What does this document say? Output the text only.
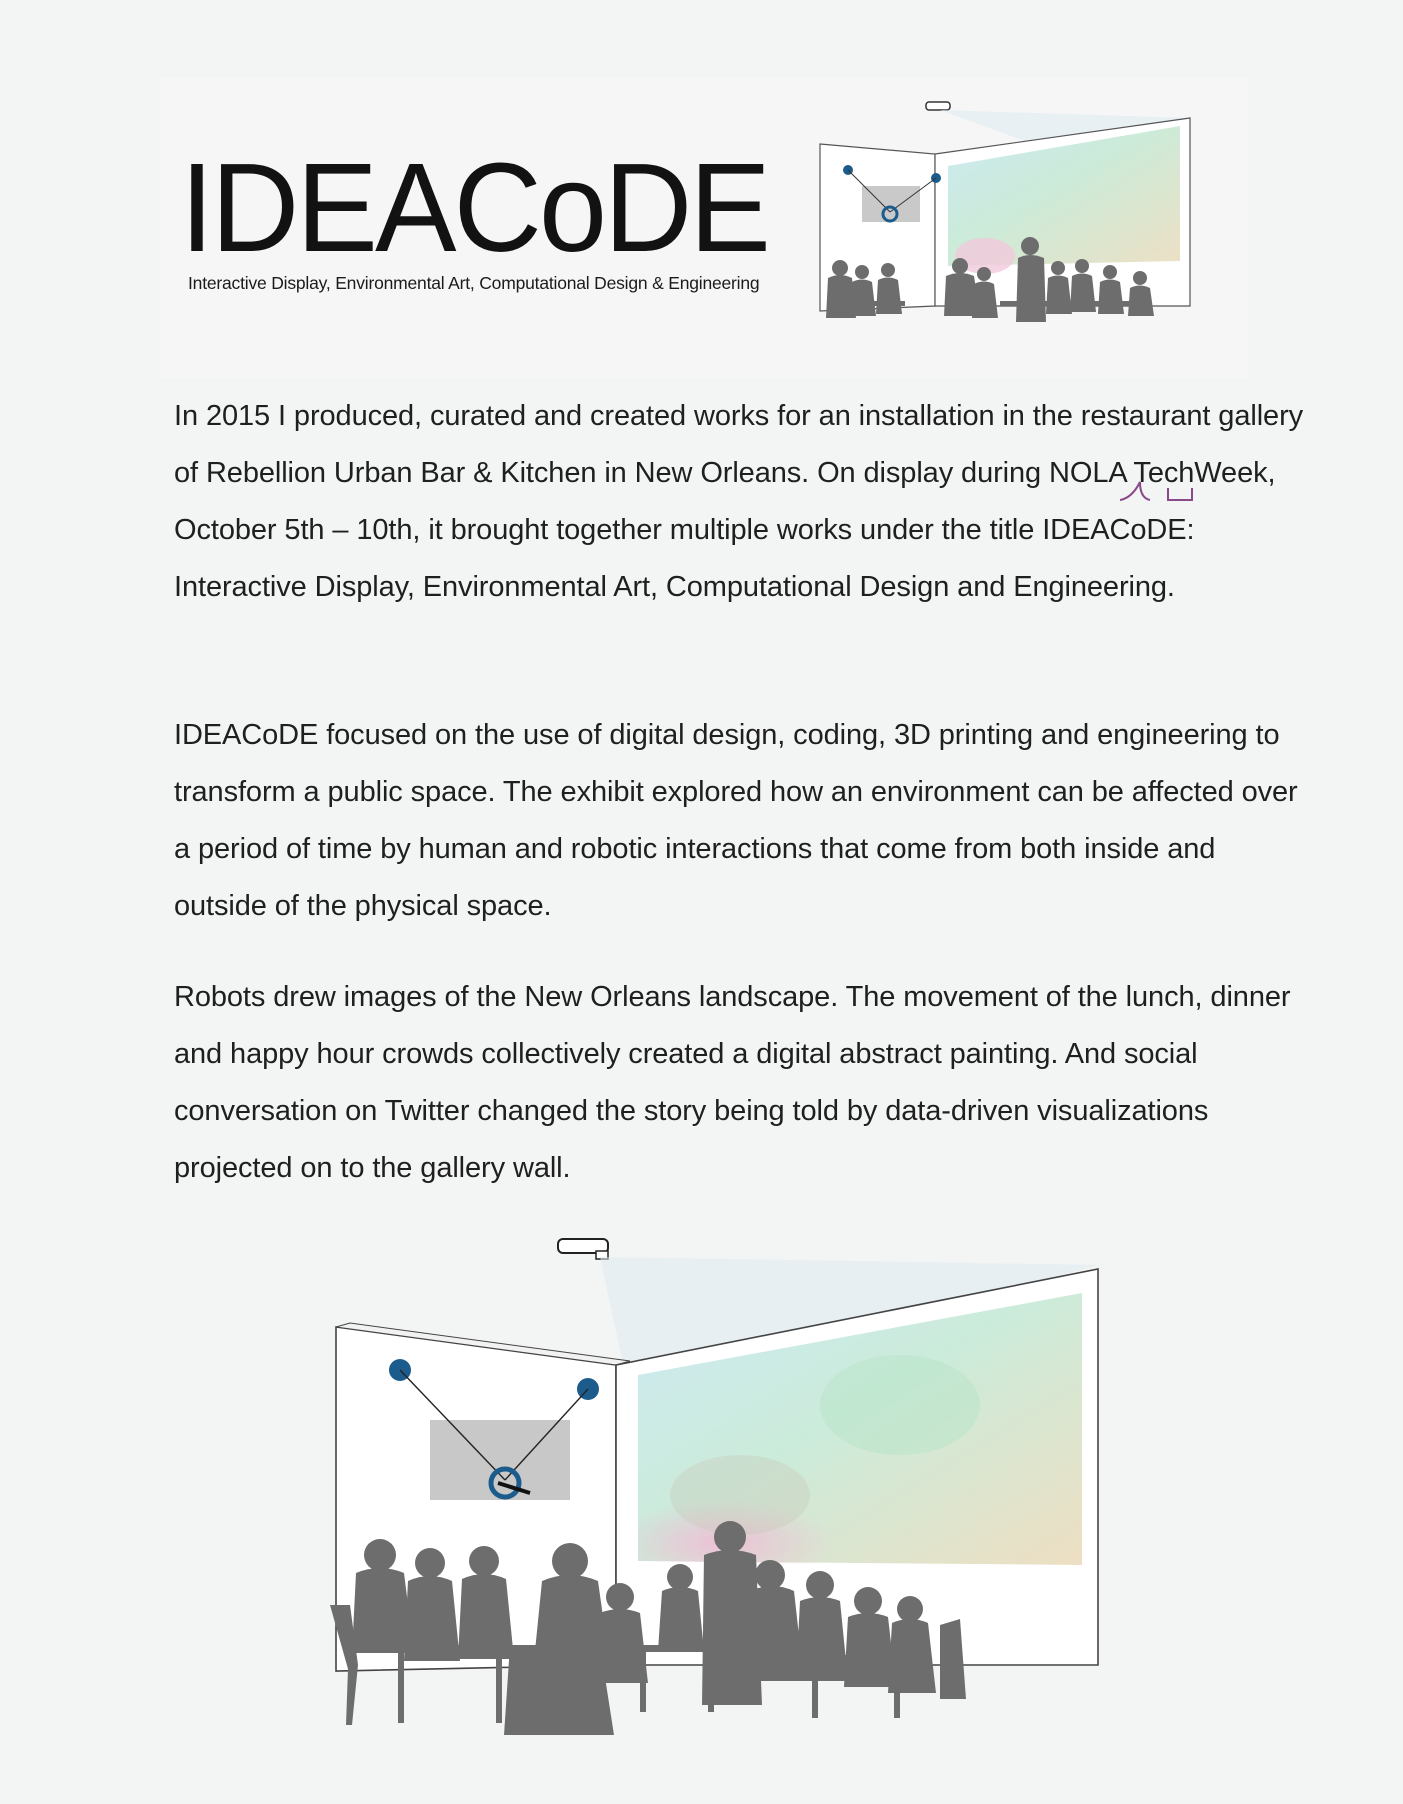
IDEACoDE
Interactive Display, Environmental Art, Computational Design & Engineering

In 2015 I produced, curated and created works for an installation in the restaurant gallery of Rebellion Urban Bar & Kitchen in New Orleans. On display during NOLA TechWeek, October 5th – 10th, it brought together multiple works under the title IDEACoDE: Interactive Display, Environmental Art, Computational Design and Engineering.

IDEACoDE focused on the use of digital design, coding, 3D printing and engineering to transform a public space. The exhibit explored how an environment can be affected over a period of time by human and robotic interactions that come from both inside and outside of the physical space.

Robots drew images of the New Orleans landscape. The movement of the lunch, dinner and happy hour crowds collectively created a digital abstract painting. And social conversation on Twitter changed the story being told by data-driven visualizations projected on to the gallery wall.
